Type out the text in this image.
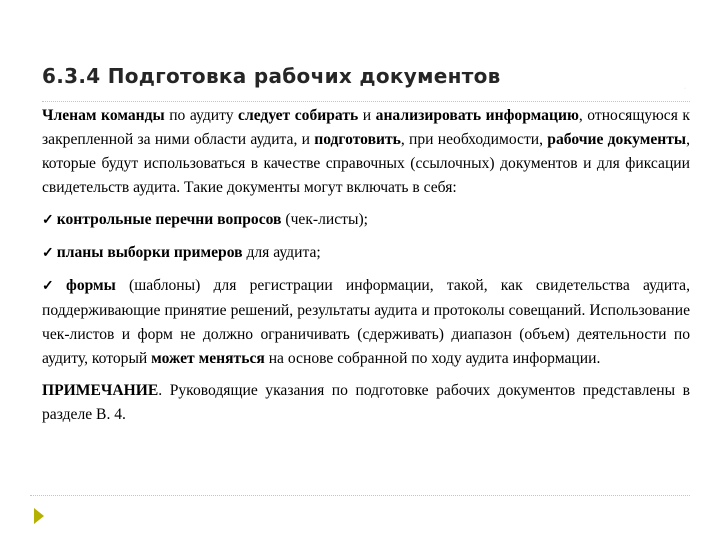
6.3.4 Подготовка рабочих документов
·

Членам команды по аудиту следует собирать и анализировать информацию, относящуюся к закрепленной за ними области аудита, и подготовить, при необходимости, рабочие документы, которые будут использоваться в качестве справочных (ссылочных) документов и для фиксации свидетельств аудита. Такие документы могут включать в себя:

✓ контрольные перечни вопросов (чек-листы);

✓ планы выборки примеров для аудита;

✓ формы (шаблоны) для регистрации информации, такой, как свидетельства аудита, поддерживающие принятие решений, результаты аудита и протоколы совещаний. Использование чек-листов и форм не должно ограничивать (сдерживать) диапазон (объем) деятельности по аудиту, который может меняться на основе собранной по ходу аудита информации.

ПРИМЕЧАНИЕ. Руководящие указания по подготовке рабочих документов представлены в разделе В. 4.
